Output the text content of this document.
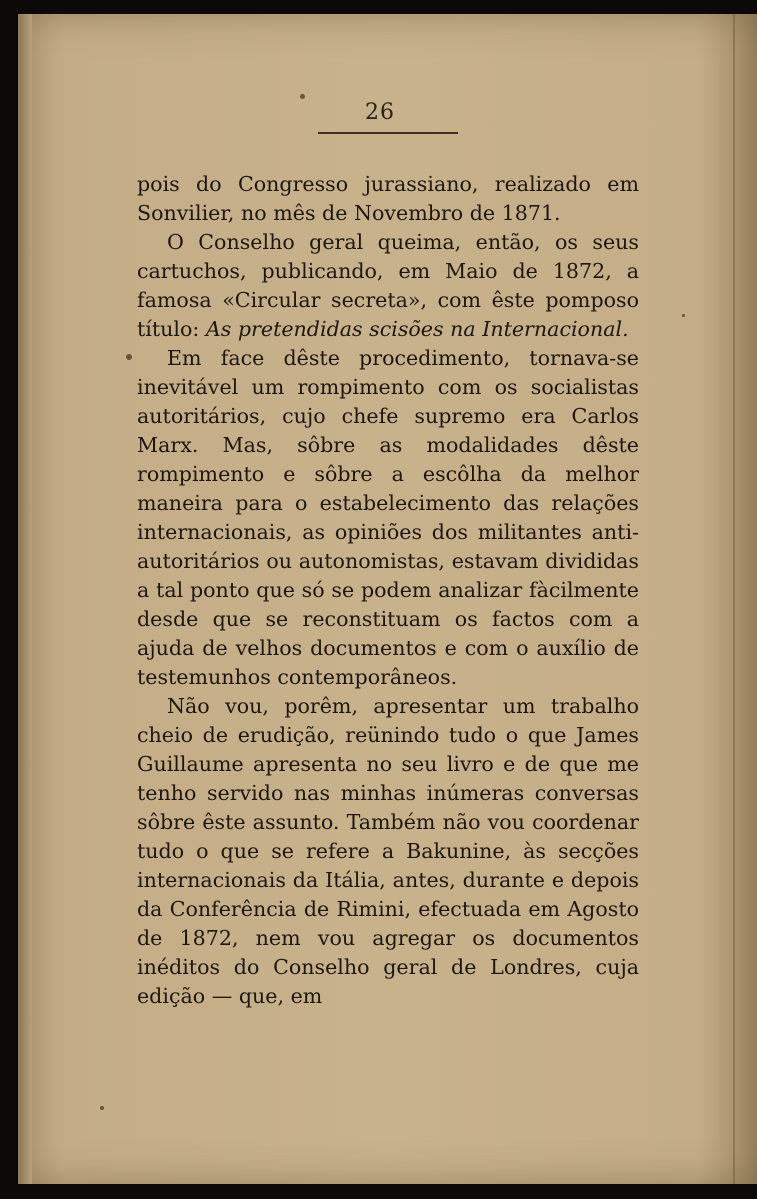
26

pois do Congresso jurassiano, realizado em Sonvilier, no mês de Novembro de 1871.

O Conselho geral queima, então, os seus cartuchos, publicando, em Maio de 1872, a famosa «Circular secreta», com êste pomposo título: As pretendidas scisões na Internacional.

Em face dêste procedimento, tornava-se inevitável um rompimento com os socialistas autoritários, cujo chefe supremo era Carlos Marx. Mas, sôbre as modalidades dêste rompimento e sôbre a escôlha da melhor maneira para o estabelecimento das relações internacionais, as opiniões dos militantes anti-autoritários ou autonomistas, estavam divididas a tal ponto que só se podem analizar fàcilmente desde que se reconstituam os factos com a ajuda de velhos documentos e com o auxílio de testemunhos contemporâneos.

Não vou, porêm, apresentar um trabalho cheio de erudição, reünindo tudo o que James Guillaume apresenta no seu livro e de que me tenho servido nas minhas inúmeras conversas sôbre êste assunto. Também não vou coordenar tudo o que se refere a Bakunine, às secções internacionais da Itália, antes, durante e depois da Conferência de Rimini, efectuada em Agosto de 1872, nem vou agregar os documentos inéditos do Conselho geral de Londres, cuja edição — que, em
